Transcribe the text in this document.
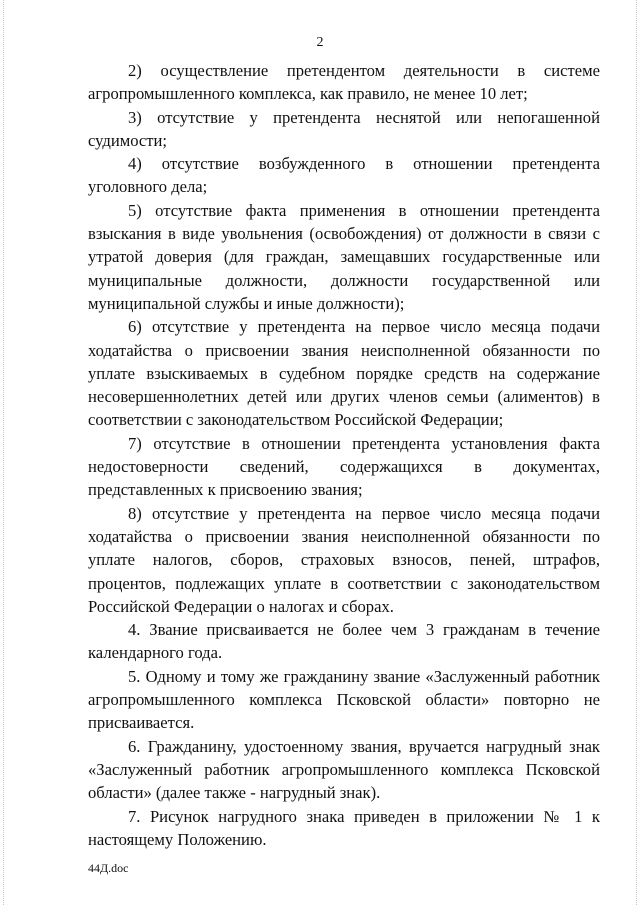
2

2) осуществление претендентом деятельности в системе агропромышленного комплекса, как правило, не менее 10 лет;

3) отсутствие у претендента неснятой или непогашенной судимости;

4) отсутствие возбужденного в отношении претендента уголовного дела;

5) отсутствие факта применения в отношении претендента взыскания в виде увольнения (освобождения) от должности в связи с утратой доверия (для граждан, замещавших государственные или муниципальные должности, должности государственной или муниципальной службы и иные должности);

6) отсутствие у претендента на первое число месяца подачи ходатайства о присвоении звания неисполненной обязанности по уплате взыскиваемых в судебном порядке средств на содержание несовершеннолетних детей или других членов семьи (алиментов) в соответствии с законодательством Российской Федерации;

7) отсутствие в отношении претендента установления факта недостоверности сведений, содержащихся в документах, представленных к присвоению звания;

8) отсутствие у претендента на первое число месяца подачи ходатайства о присвоении звания неисполненной обязанности по уплате налогов, сборов, страховых взносов, пеней, штрафов, процентов, подлежащих уплате в соответствии с законодательством Российской Федерации о налогах и сборах.

4. Звание присваивается не более чем 3 гражданам в течение календарного года.

5. Одному и тому же гражданину звание «Заслуженный работник агропромышленного комплекса Псковской области» повторно не присваивается.

6. Гражданину, удостоенному звания, вручается нагрудный знак «Заслуженный работник агропромышленного комплекса Псковской области» (далее также - нагрудный знак).

7. Рисунок нагрудного знака приведен в приложении № 1 к настоящему Положению.

44Д.doc
